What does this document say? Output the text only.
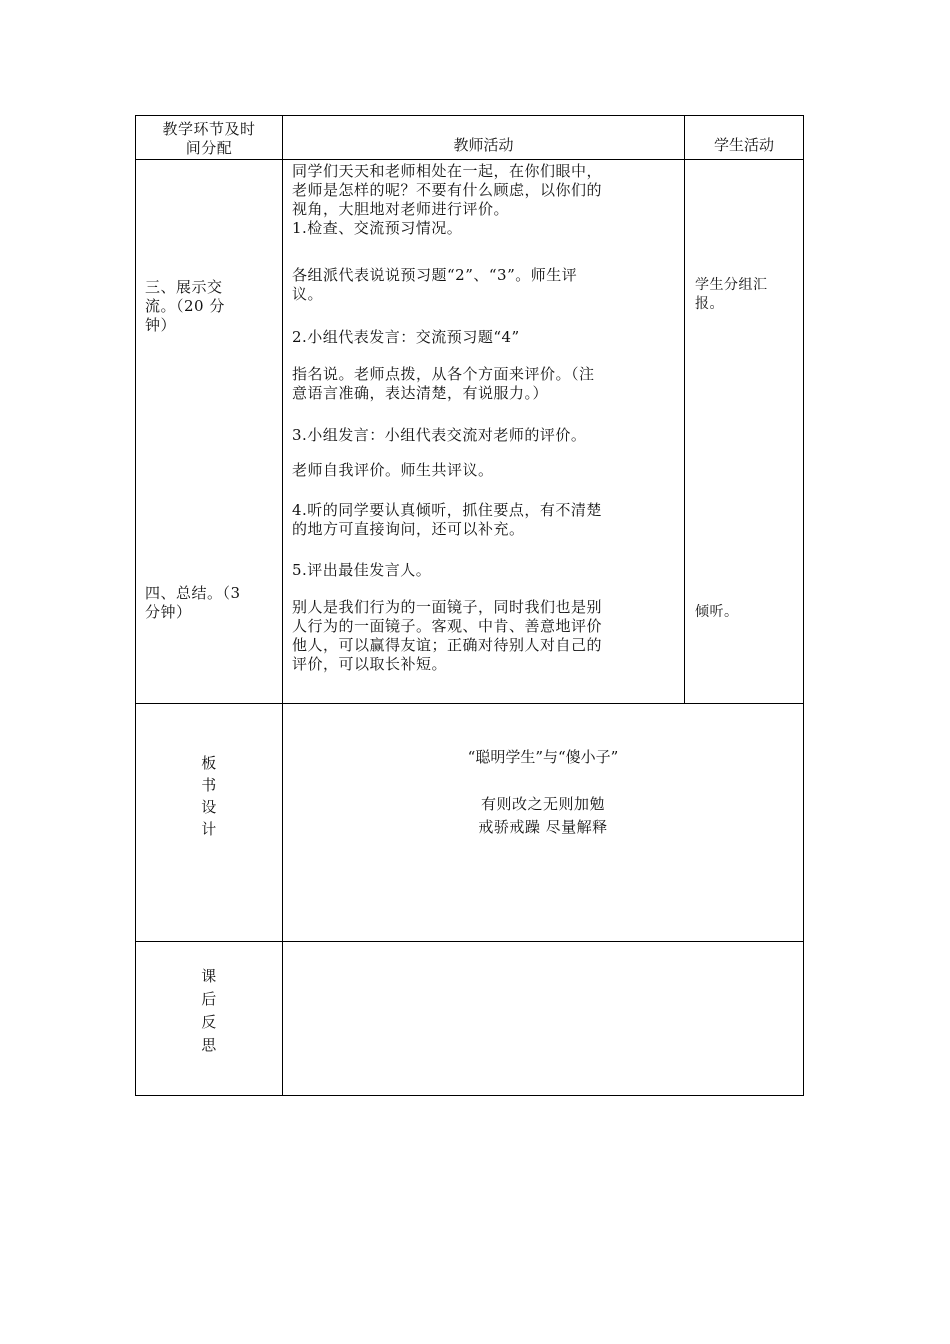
教学环节及时

间分配	教师活动	学生活动

三、展示交

流。（20 分

钟）

四、总结。（3

分钟）

同学们天天和老师相处在一起，在你们眼中，

老师是怎样的呢？不要有什么顾虑，以你们的

视角，大胆地对老师进行评价。

1.检查、交流预习情况。

各组派代表说说预习题“2”、“3”。师生评

议。

2.小组代表发言：交流预习题“4”

指名说。老师点拨，从各个方面来评价。（注

意语言准确，表达清楚，有说服力。）

3.小组发言：小组代表交流对老师的评价。

老师自我评价。师生共评议。

4.听的同学要认真倾听，抓住要点，有不清楚

的地方可直接询问，还可以补充。

5.评出最佳发言人。

别人是我们行为的一面镜子，同时我们也是别

人行为的一面镜子。客观、中肯、善意地评价

他人，可以赢得友谊；正确对待别人对自己的

评价，可以取长补短。

学生分组汇

报。

倾听。

板

书

设

计

“聪明学生”与“傻小子”

有则改之无则加勉

戒骄戒躁 尽量解释

课

后

反

思
